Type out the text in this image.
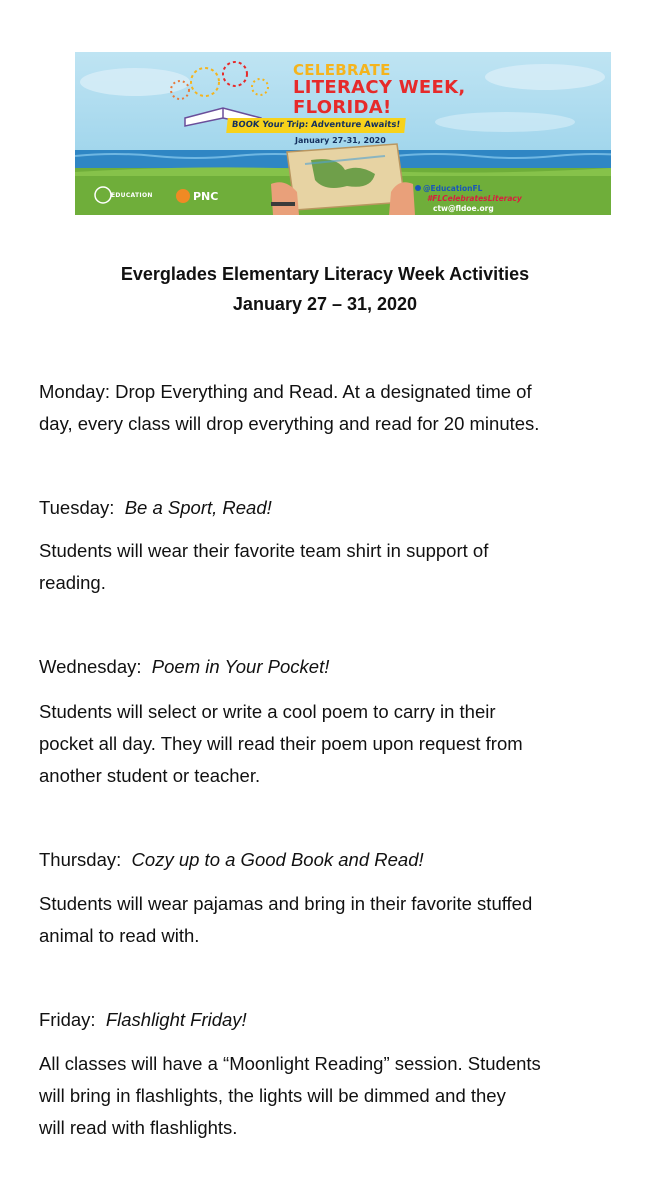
CELEBRATE
LITERACY WEEK,
FLORIDA!
BOOK Your Trip: Adventure Awaits!
January 27-31, 2020
@EducationFL
#FLCelebratesLiteracy
ctw@fldoe.org
EDUCATION	PNC
Everglades Elementary Literacy Week Activities
January 27 – 31, 2020
Monday: Drop Everything and Read. At a designated time of
day, every class will drop everything and read for 20 minutes.
Tuesday: Be a Sport, Read!
Students will wear their favorite team shirt in support of
reading.
Wednesday: Poem in Your Pocket!
Students will select or write a cool poem to carry in their
pocket all day. They will read their poem upon request from
another student or teacher.
Thursday: Cozy up to a Good Book and Read!
Students will wear pajamas and bring in their favorite stuffed
animal to read with.
Friday: Flashlight Friday!
All classes will have a “Moonlight Reading” session. Students
will bring in flashlights, the lights will be dimmed and they
will read with flashlights.
